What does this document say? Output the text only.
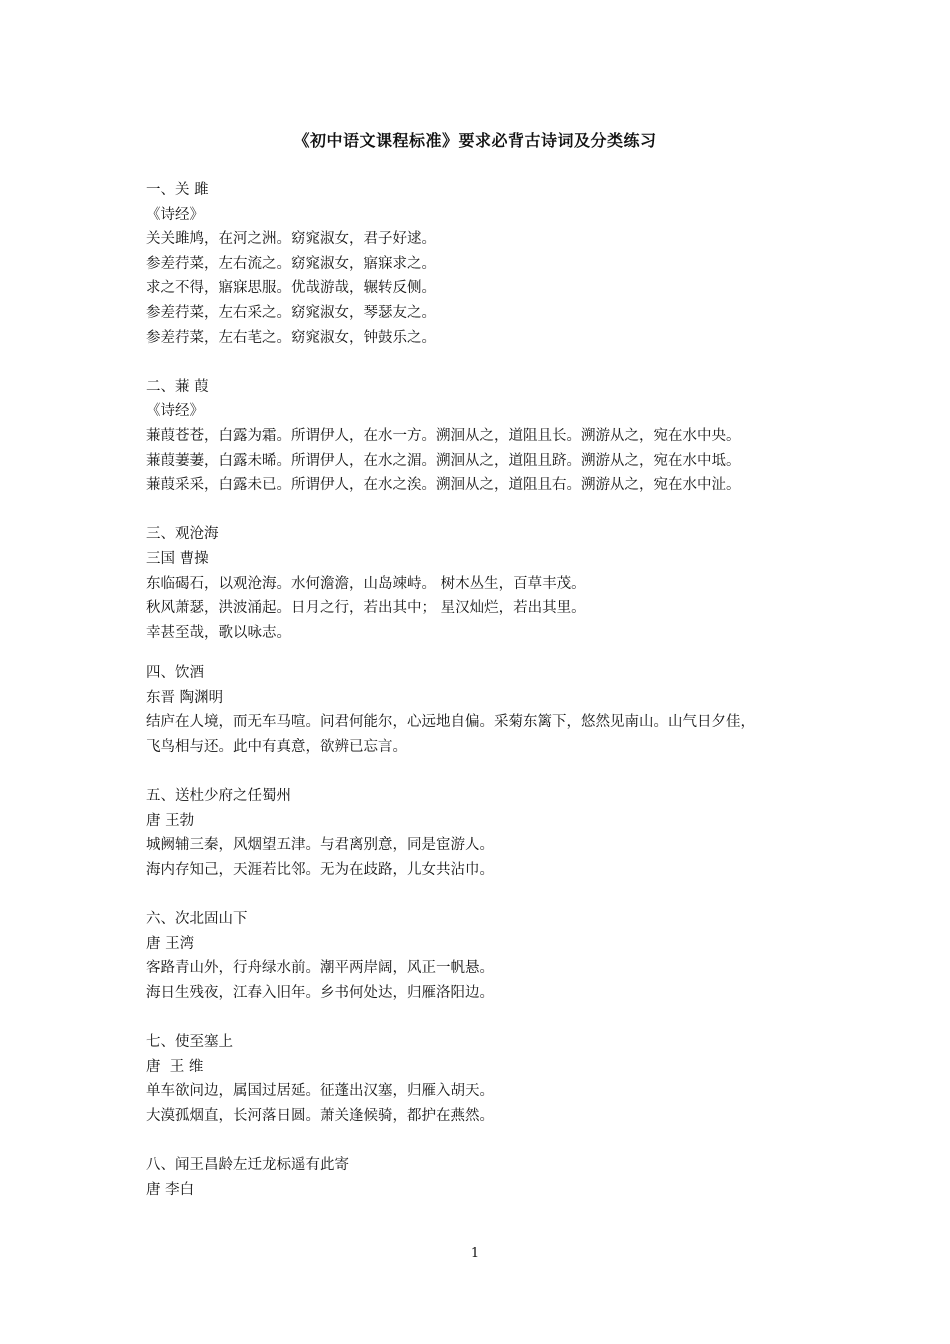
《初中语文课程标准》要求必背古诗词及分类练习
一、关 雎
《诗经》
关关雎鸠，在河之洲。窈窕淑女，君子好逑。
参差荇菜，左右流之。窈窕淑女，寤寐求之。
求之不得，寤寐思服。优哉游哉，辗转反侧。
参差荇菜，左右采之。窈窕淑女，琴瑟友之。
参差荇菜，左右芼之。窈窕淑女，钟鼓乐之。
二、蒹 葭
《诗经》
蒹葭苍苍，白露为霜。所谓伊人，在水一方。溯洄从之，道阻且长。溯游从之，宛在水中央。
蒹葭萋萋，白露未晞。所谓伊人，在水之湄。溯洄从之，道阻且跻。溯游从之，宛在水中坻。
蒹葭采采，白露未已。所谓伊人，在水之涘。溯洄从之，道阻且右。溯游从之，宛在水中沚。
三、观沧海
三国 曹操
东临碣石，以观沧海。水何澹澹，山岛竦峙。 树木丛生，百草丰茂。
秋风萧瑟，洪波涌起。日月之行，若出其中； 星汉灿烂，若出其里。
幸甚至哉，歌以咏志。
四、饮酒
东晋 陶渊明
结庐在人境，而无车马喧。问君何能尔，心远地自偏。采菊东篱下，悠然见南山。山气日夕佳，
飞鸟相与还。此中有真意，欲辨已忘言。
五、送杜少府之任蜀州
唐 王勃
城阙辅三秦，风烟望五津。与君离别意，同是宦游人。
海内存知己，天涯若比邻。无为在歧路，儿女共沾巾。
六、次北固山下
唐 王湾
客路青山外，行舟绿水前。潮平两岸阔，风正一帆悬。
海日生残夜，江春入旧年。乡书何处达，归雁洛阳边。
七、使至塞上
唐  王 维
单车欲问边，属国过居延。征蓬出汉塞，归雁入胡天。
大漠孤烟直，长河落日圆。萧关逢候骑，都护在燕然。
八、闻王昌龄左迁龙标遥有此寄
唐 李白
1
